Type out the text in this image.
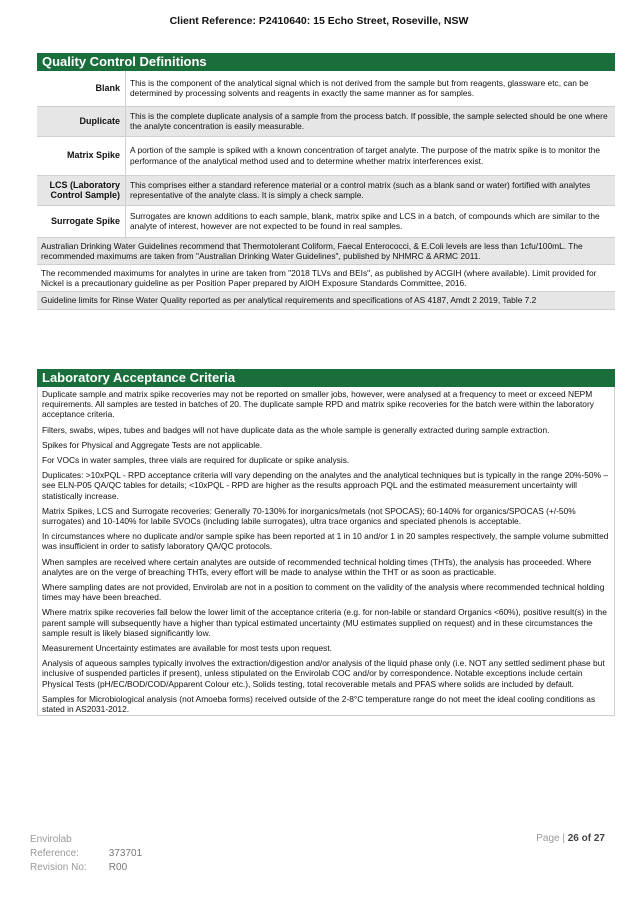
Client Reference: P2410640: 15 Echo Street, Roseville, NSW
Quality Control Definitions
Blank	This is the component of the analytical signal which is not derived from the sample but from reagents, glassware etc, can be determined by processing solvents and reagents in exactly the same manner as for samples.
Duplicate	This is the complete duplicate analysis of a sample from the process batch. If possible, the sample selected should be one where the analyte concentration is easily measurable.
Matrix Spike	A portion of the sample is spiked with a known concentration of target analyte. The purpose of the matrix spike is to monitor the performance of the analytical method used and to determine whether matrix interferences exist.
LCS (Laboratory Control Sample)	This comprises either a standard reference material or a control matrix (such as a blank sand or water) fortified with analytes representative of the analyte class. It is simply a check sample.
Surrogate Spike	Surrogates are known additions to each sample, blank, matrix spike and LCS in a batch, of compounds which are similar to the analyte of interest, however are not expected to be found in real samples.
Australian Drinking Water Guidelines recommend that Thermotolerant Coliform, Faecal Enterococci, & E.Coli levels are less than 1cfu/100mL. The recommended maximums are taken from "Australian Drinking Water Guidelines", published by NHMRC & ARMC 2011.	
The recommended maximums for analytes in urine are taken from "2018 TLVs and BEIs", as published by ACGIH (where available). Limit provided for Nickel is a precautionary guideline as per Position Paper prepared by AIOH Exposure Standards Committee, 2016.	
Guideline limits for Rinse Water Quality reported as per analytical requirements and specifications of AS 4187, Amdt 2 2019, Table 7.2	
Laboratory Acceptance Criteria

Duplicate sample and matrix spike recoveries may not be reported on smaller jobs, however, were analysed at a frequency to meet or exceed NEPM requirements. All samples are tested in batches of 20. The duplicate sample RPD and matrix spike recoveries for the batch were within the laboratory acceptance criteria.

Filters, swabs, wipes, tubes and badges will not have duplicate data as the whole sample is generally extracted during sample extraction.

Spikes for Physical and Aggregate Tests are not applicable.

For VOCs in water samples, three vials are required for duplicate or spike analysis.

Duplicates: >10xPQL - RPD acceptance criteria will vary depending on the analytes and the analytical techniques but is typically in the range 20%-50% – see ELN-P05 QA/QC tables for details; <10xPQL - RPD are higher as the results approach PQL and the estimated measurement uncertainty will statistically increase.

Matrix Spikes, LCS and Surrogate recoveries: Generally 70-130% for inorganics/metals (not SPOCAS); 60-140% for organics/SPOCAS (+/-50% surrogates) and 10-140% for labile SVOCs (including labile surrogates), ultra trace organics and speciated phenols is acceptable.

In circumstances where no duplicate and/or sample spike has been reported at 1 in 10 and/or 1 in 20 samples respectively, the sample volume submitted was insufficient in order to satisfy laboratory QA/QC protocols.

When samples are received where certain analytes are outside of recommended technical holding times (THTs), the analysis has proceeded. Where analytes are on the verge of breaching THTs, every effort will be made to analyse within the THT or as soon as practicable.

Where sampling dates are not provided, Envirolab are not in a position to comment on the validity of the analysis where recommended technical holding times may have been breached.

Where matrix spike recoveries fall below the lower limit of the acceptance criteria (e.g. for non-labile or standard Organics <60%), positive result(s) in the parent sample will subsequently have a higher than typical estimated uncertainty (MU estimates supplied on request) and in these circumstances the sample result is likely biased significantly low.

Measurement Uncertainty estimates are available for most tests upon request.

Analysis of aqueous samples typically involves the extraction/digestion and/or analysis of the liquid phase only (i.e. NOT any settled sediment phase but inclusive of suspended particles if present), unless stipulated on the Envirolab COC and/or by correspondence. Notable exceptions include certain Physical Tests (pH/EC/BOD/COD/Apparent Colour etc.), Solids testing, total recoverable metals and PFAS where solids are included by default.

Samples for Microbiological analysis (not Amoeba forms) received outside of the 2-8°C temperature range do not meet the ideal cooling conditions as stated in AS2031-2012.

Envirolab Reference:	373701
Revision No: R00
Page | 26 of 27
